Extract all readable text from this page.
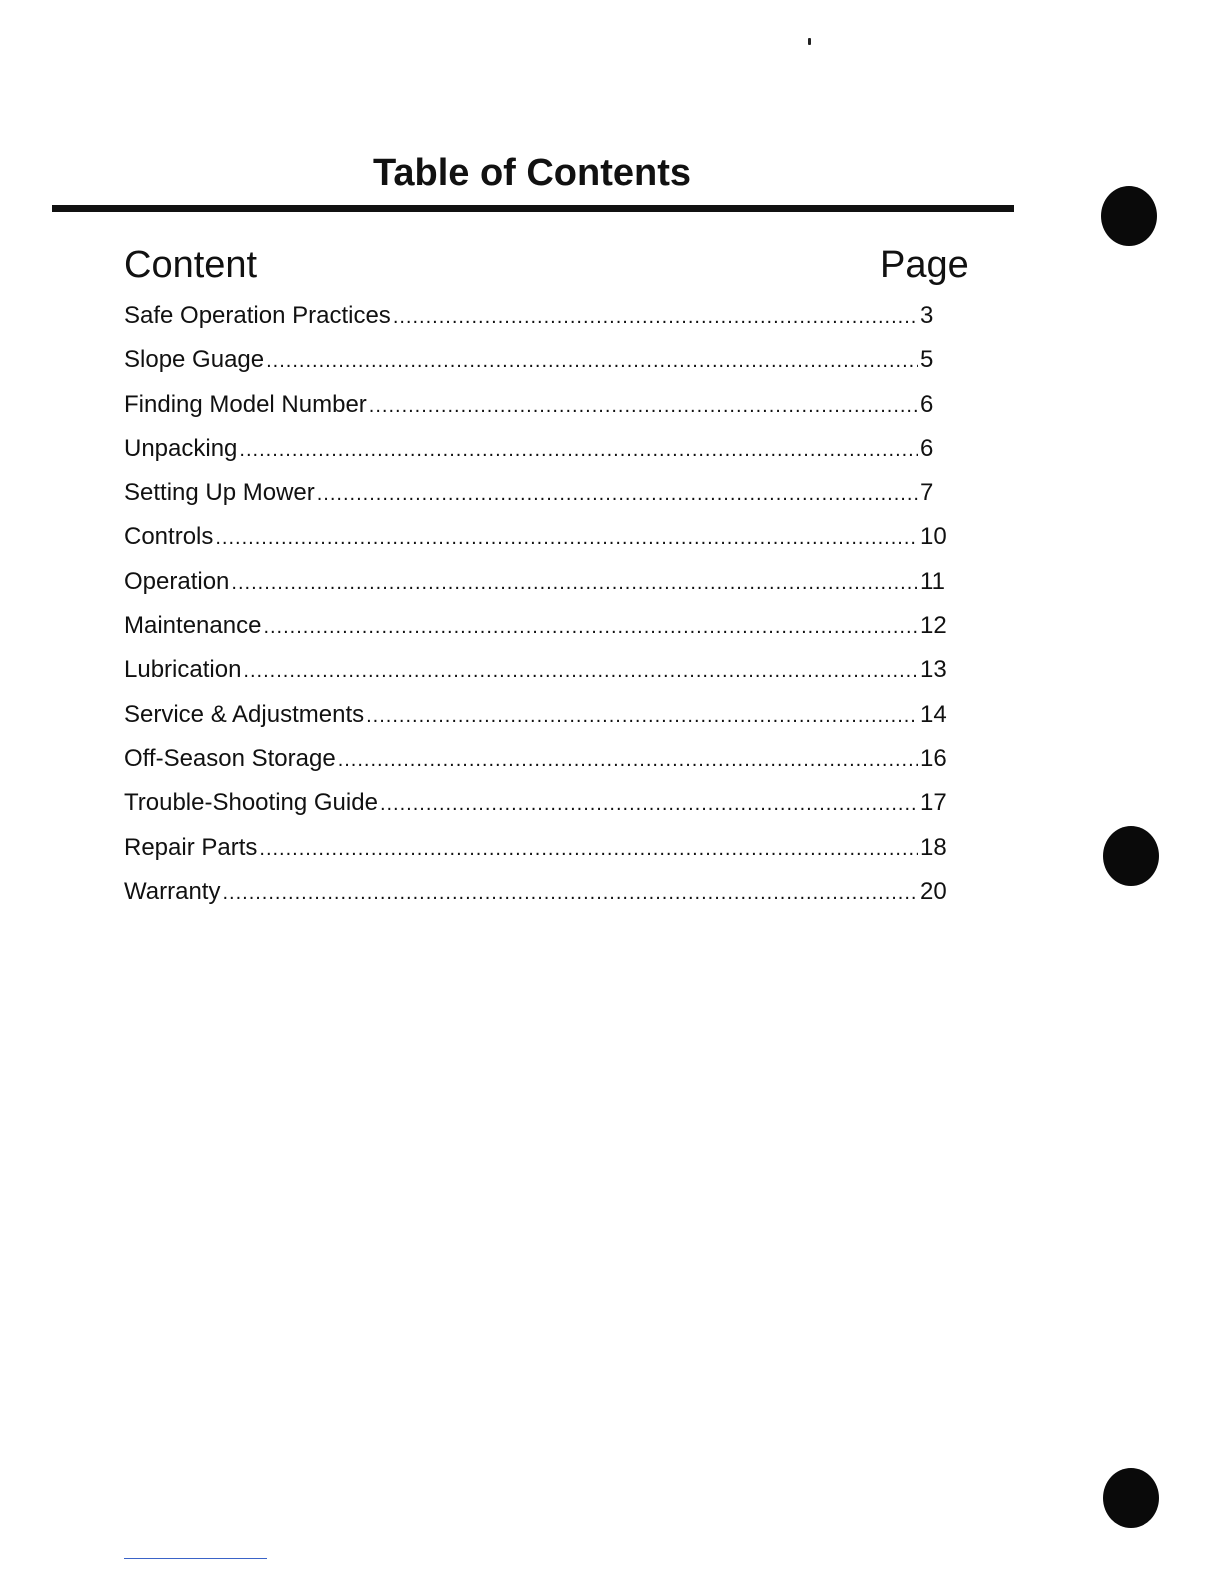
Table of Contents
Content	Page
Safe Operation Practices .....	3
Slope Guage .....	5
Finding Model Number .....	6
Unpacking .....	6
Setting Up Mower .....	7
Controls .....	10
Operation .....	11
Maintenance .....	12
Lubrication .....	13
Service & Adjustments .....	14
Off-Season Storage .....	16
Trouble-Shooting Guide .....	17
Repair Parts .....	18
Warranty .....	20
